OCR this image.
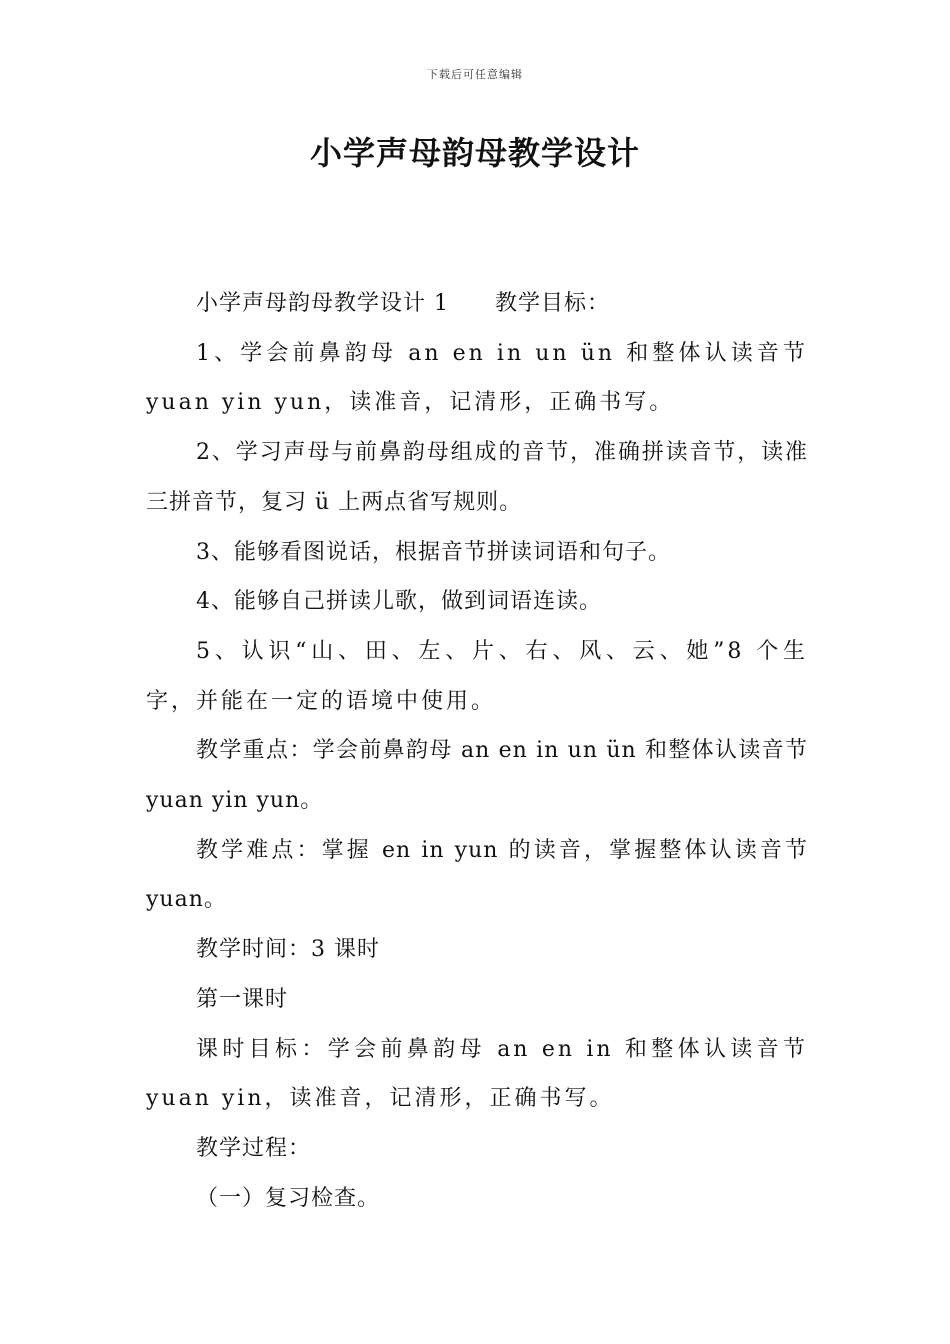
下载后可任意编辑
小学声母韵母教学设计

小学声母韵母教学设计 1　　教学目标：

1、学会前鼻韵母 an en in un ün 和整体认读音节 yuan yin yun，读准音，记清形，正确书写。

2、学习声母与前鼻韵母组成的音节，准确拼读音节，读准三拼音节，复习 ü 上两点省写规则。

3、能够看图说话，根据音节拼读词语和句子。

4、能够自己拼读儿歌，做到词语连读。

5、认识“山、田、左、片、右、风、云、她”8 个生字，并能在一定的语境中使用。

教学重点：学会前鼻韵母 an en in un ün 和整体认读音节 yuan yin yun。

教学难点：掌握 en in yun 的读音，掌握整体认读音节 yuan。

教学时间：3 课时

第一课时

课时目标：学会前鼻韵母 an en in 和整体认读音节 yuan yin，读准音，记清形，正确书写。

教学过程：

（一）复习检查。
